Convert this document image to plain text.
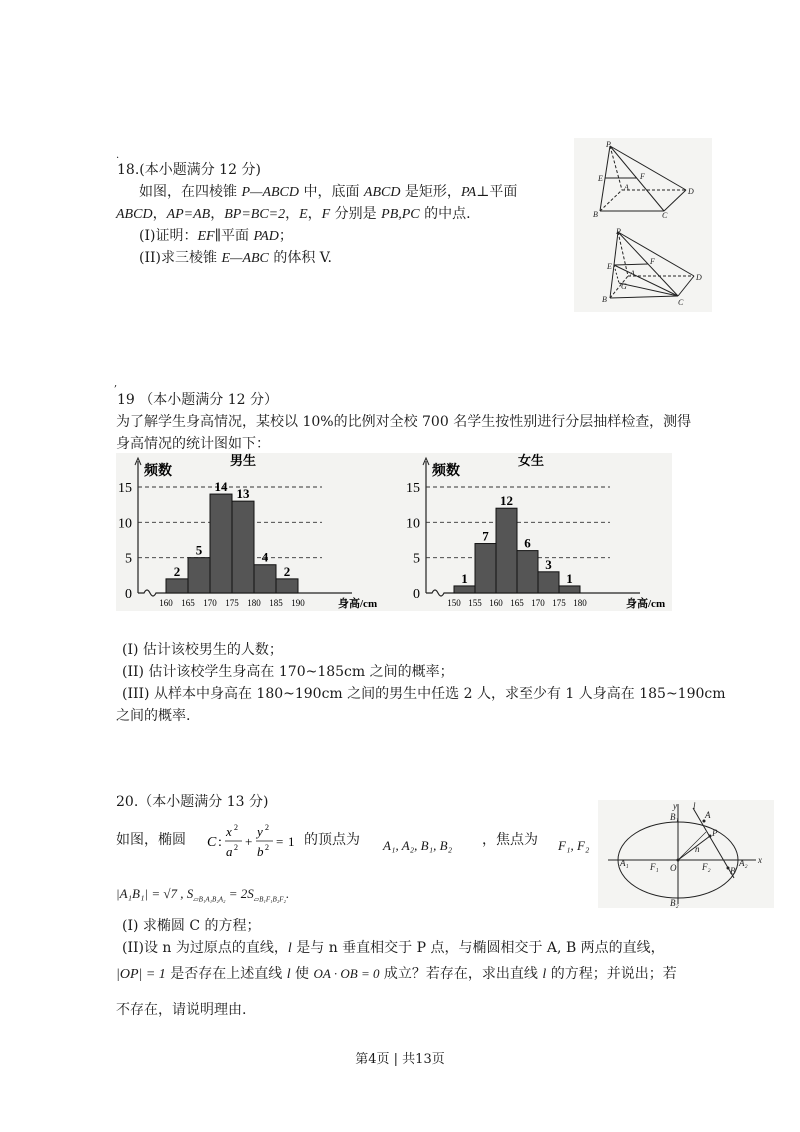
.
18.(本小题满分 12 分)
如图，在四棱锥 P—ABCD 中，底面 ABCD 是矩形，PA⊥平面
ABCD，AP=AB，BP=BC=2，E，F 分别是 PB,PC 的中点.
(I)证明：EF∥平面 PAD；
(II)求三棱锥 E—ABC 的体积 V.
P
E
A
F
D
B	C
P
E
A
F
D
G
B	C
,
19 （本小题满分 12 分）
为了解学生身高情况，某校以 10%的比例对全校 700 名学生按性别进行分层抽样检查，测得
身高情况的统计图如下：
0
5
10
15
频数
男生
身高/cm
2
5
14 13
4
2
160 165 170 175 180 185 190
0
5
10
15
频数
女生
身高/cm
1
7
12
6
3
1
150 155 160 165 170 175 180
(I) 估计该校男生的人数；
(II) 估计该校学生身高在 170~185cm 之间的概率；
(III) 从样本中身高在 180~190cm 之间的男生中任选 2 人，求至少有 1 人身高在 185~190cm
之间的概率.
20.（本小题满分 13 分)
如图，椭圆 C :
x 2
a 2 +
y 2
b 2 = 1 的顶点为 A₁, A₂, B₁, B₂ ，焦点为 F₁, F₂
|A₁B₁| = √7 , $S_{▱B_1A_1B_2A_2} = 2S_{▱B_1F_1B_2F_2}$.
(I) 求椭圆 C 的方程；
(II)设 n 为过原点的直线，l 是与 n 垂直相交于 P 点，与椭圆相交于 A, B 两点的直线，
|OP| = 1 是否存在上述直线 l 使 OA · OB = 0 成立？若存在，求出直线 l 的方程；并说出；若
不存在，请说明理由.
y l
x
O
A
P
n
B
A₁	A₂
B₁
B₂
F₁	F₂
第4页 | 共13页
